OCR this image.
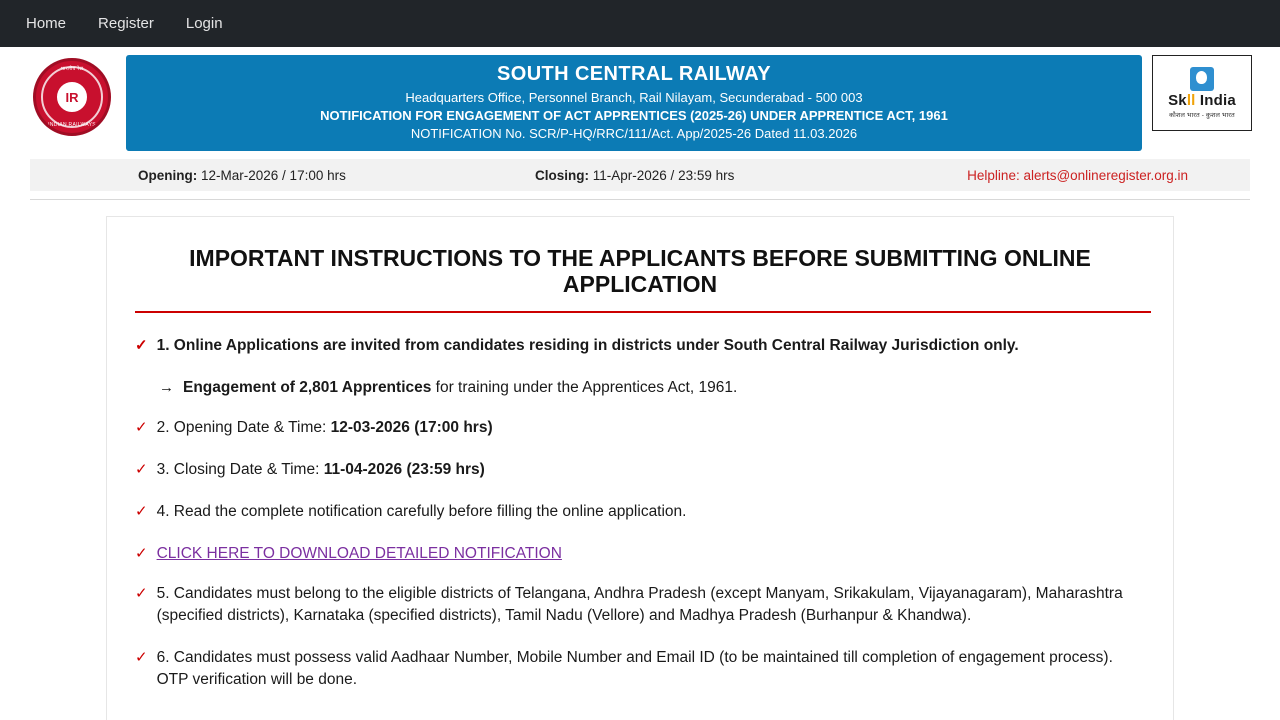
Home	Register	Login
भारतीय रेल
IR
INDIAN RAILWAYS
SOUTH CENTRAL RAILWAY
Headquarters Office, Personnel Branch, Rail Nilayam, Secunderabad - 500 003
NOTIFICATION FOR ENGAGEMENT OF ACT APPRENTICES (2025-26) UNDER APPRENTICE ACT, 1961
NOTIFICATION No. SCR/P-HQ/RRC/111/Act. App/2025-26 Dated 11.03.2026
Skll India
कौशल भारत - कुशल भारत
Opening: 12-Mar-2026 / 17:00 hrs	Closing: 11-Apr-2026 / 23:59 hrs	Helpline: alerts@onlineregister.org.in
IMPORTANT INSTRUCTIONS TO THE APPLICANTS BEFORE SUBMITTING ONLINE APPLICATION
✓ 1. Online Applications are invited from candidates residing in districts under South Central Railway Jurisdiction only.
→ Engagement of 2,801 Apprentices for training under the Apprentices Act, 1961.
✓ 2. Opening Date & Time: 12-03-2026 (17:00 hrs)
✓ 3. Closing Date & Time: 11-04-2026 (23:59 hrs)
✓ 4. Read the complete notification carefully before filling the online application.
✓ CLICK HERE TO DOWNLOAD DETAILED NOTIFICATION
✓ 5. Candidates must belong to the eligible districts of Telangana, Andhra Pradesh (except Manyam, Srikakulam, Vijayanagaram), Maharashtra (specified districts), Karnataka (specified districts), Tamil Nadu (Vellore) and Madhya Pradesh (Burhanpur & Khandwa).
✓ 6. Candidates must possess valid Aadhaar Number, Mobile Number and Email ID (to be maintained till completion of engagement process). OTP verification will be done.
